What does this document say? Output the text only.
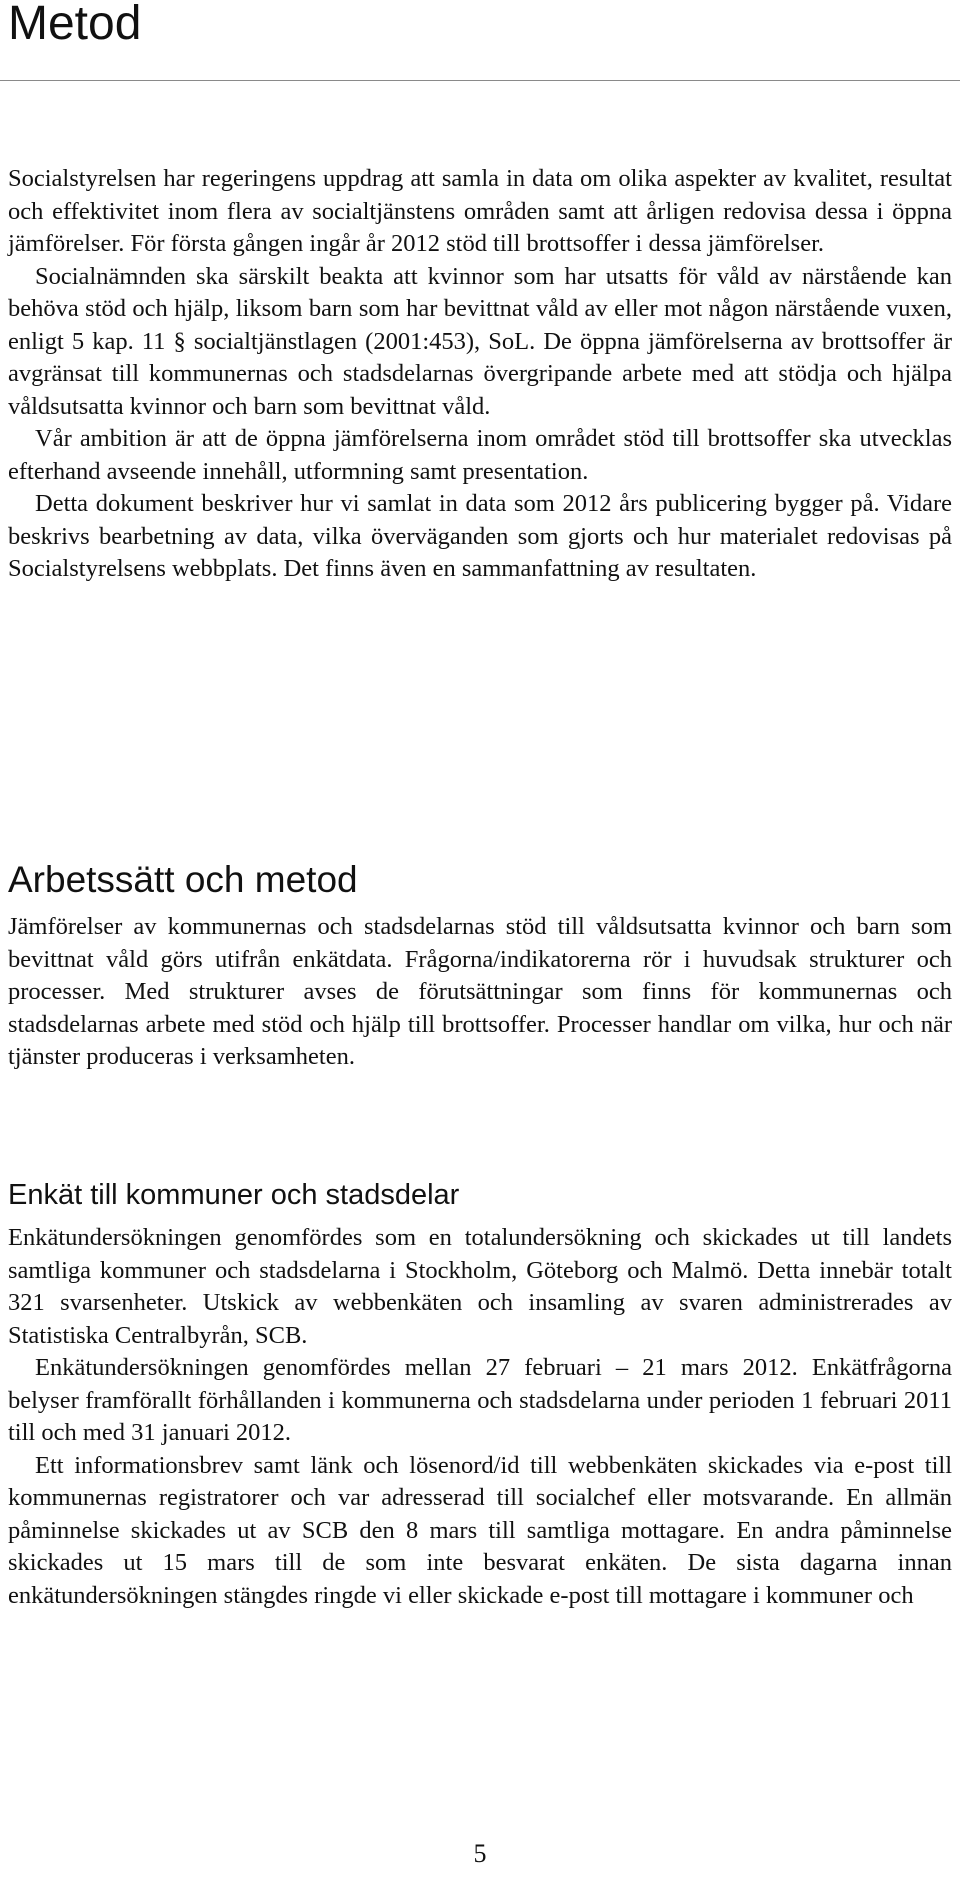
Metod

Socialstyrelsen har regeringens uppdrag att samla in data om olika aspekter av kvalitet, resultat och effektivitet inom flera av socialtjänstens områden samt att årligen redovisa dessa i öppna jämförelser. För första gången ingår år 2012 stöd till brottsoffer i dessa jämförelser.

Socialnämnden ska särskilt beakta att kvinnor som har utsatts för våld av närstående kan behöva stöd och hjälp, liksom barn som har bevittnat våld av eller mot någon närstående vuxen, enligt 5 kap. 11 § socialtjänstlagen (2001:453), SoL. De öppna jämförelserna av brottsoffer är avgränsat till kommunernas och stadsdelarnas övergripande arbete med att stödja och hjälpa våldsutsatta kvinnor och barn som bevittnat våld.

Vår ambition är att de öppna jämförelserna inom området stöd till brottsoffer ska utvecklas efterhand avseende innehåll, utformning samt presentation.

Detta dokument beskriver hur vi samlat in data som 2012 års publicering bygger på. Vidare beskrivs bearbetning av data, vilka överväganden som gjorts och hur materialet redovisas på Socialstyrelsens webbplats. Det finns även en sammanfattning av resultaten.

Arbetssätt och metod

Jämförelser av kommunernas och stadsdelarnas stöd till våldsutsatta kvinnor och barn som bevittnat våld görs utifrån enkätdata. Frågorna/indikatorerna rör i huvudsak strukturer och processer. Med strukturer avses de förutsättningar som finns för kommunernas och stadsdelarnas arbete med stöd och hjälp till brottsoffer. Processer handlar om vilka, hur och när tjänster produceras i verksamheten.

Enkät till kommuner och stadsdelar

Enkätundersökningen genomfördes som en totalundersökning och skickades ut till landets samtliga kommuner och stadsdelarna i Stockholm, Göteborg och Malmö. Detta innebär totalt 321 svarsenheter. Utskick av webbenkäten och insamling av svaren administrerades av Statistiska Centralbyrån, SCB.

Enkätundersökningen genomfördes mellan 27 februari – 21 mars 2012. Enkätfrågorna belyser framförallt förhållanden i kommunerna och stadsdelarna under perioden 1 februari 2011 till och med 31 januari 2012.

Ett informationsbrev samt länk och lösenord/id till webbenkäten skickades via e-post till kommunernas registratorer och var adresserad till socialchef eller motsvarande. En allmän påminnelse skickades ut av SCB den 8 mars till samtliga mottagare. En andra påminnelse skickades ut 15 mars till de som inte besvarat enkäten. De sista dagarna innan enkätundersökningen stängdes ringde vi eller skickade e-post till mottagare i kommuner och

5
